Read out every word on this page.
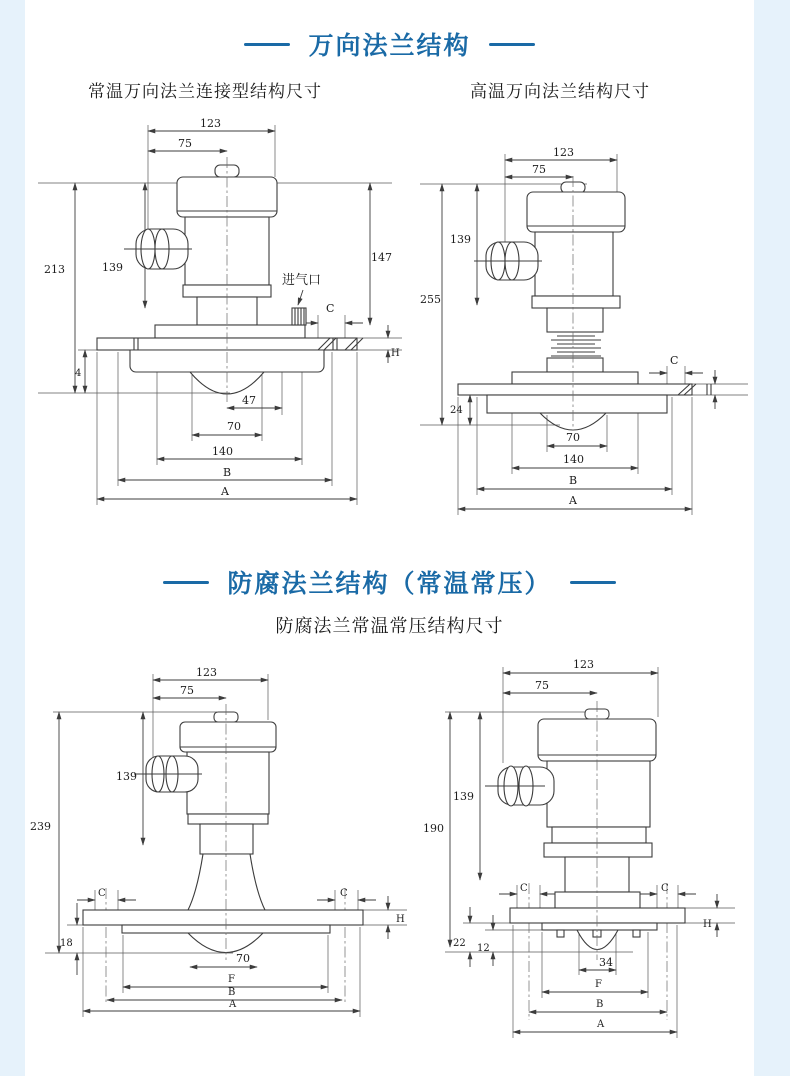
万向法兰结构
常温万向法兰连接型结构尺寸	高温万向法兰结构尺寸
123
75
213	139
147
进气口
C
H
4
47
70
140
B
A
123
75
255
139
24
C
70
140
B
A
防腐法兰结构（常温常压）
防腐法兰常温常压结构尺寸
123
75
239
139
C	C
H
18
70
F
B
A
123
75
190
139
C	C
H
22 12
34
F
B
A
